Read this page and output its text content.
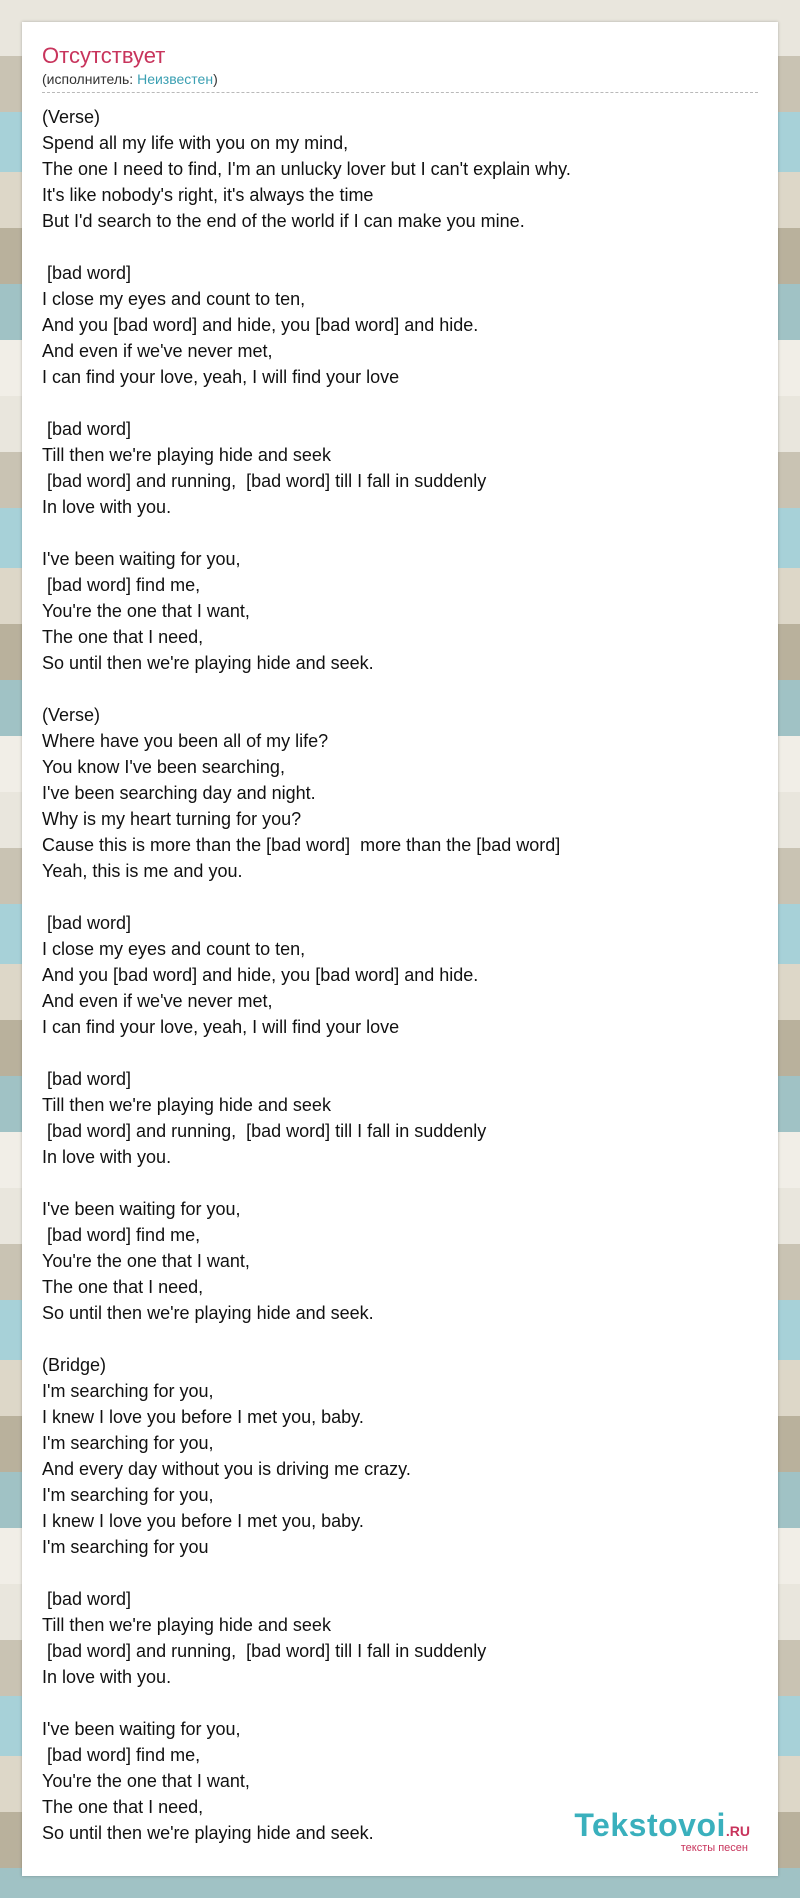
Отсутствует
(исполнитель: Неизвестен)
(Verse)
Spend all my life with you on my mind,
The one I need to find, I'm an unlucky lover but I can't explain why.
It's like nobody's right, it's always the time
But I'd search to the end of the world if I can make you mine.
[bad word]
I close my eyes and count to ten,
And you [bad word] and hide, you [bad word] and hide.
And even if we've never met,
I can find your love, yeah, I will find your love
[bad word]
Till then we're playing hide and seek
[bad word] and running,  [bad word] till I fall in suddenly
In love with you.
I've been waiting for you,
[bad word] find me,
You're the one that I want,
The one that I need,
So until then we're playing hide and seek.
(Verse)
Where have you been all of my life?
You know I've been searching,
I've been searching day and night.
Why is my heart turning for you?
Cause this is more than the [bad word]  more than the [bad word]
Yeah, this is me and you.
[bad word]
I close my eyes and count to ten,
And you [bad word] and hide, you [bad word] and hide.
And even if we've never met,
I can find your love, yeah, I will find your love
[bad word]
Till then we're playing hide and seek
[bad word] and running,  [bad word] till I fall in suddenly
In love with you.
I've been waiting for you,
[bad word] find me,
You're the one that I want,
The one that I need,
So until then we're playing hide and seek.
(Bridge)
I'm searching for you,
I knew I love you before I met you, baby.
I'm searching for you,
And every day without you is driving me crazy.
I'm searching for you,
I knew I love you before I met you, baby.
I'm searching for you
[bad word]
Till then we're playing hide and seek
[bad word] and running,  [bad word] till I fall in suddenly
In love with you.
I've been waiting for you,
[bad word] find me,
You're the one that I want,
The one that I need,
So until then we're playing hide and seek.	Tekstovoi.RU
тексты песен
